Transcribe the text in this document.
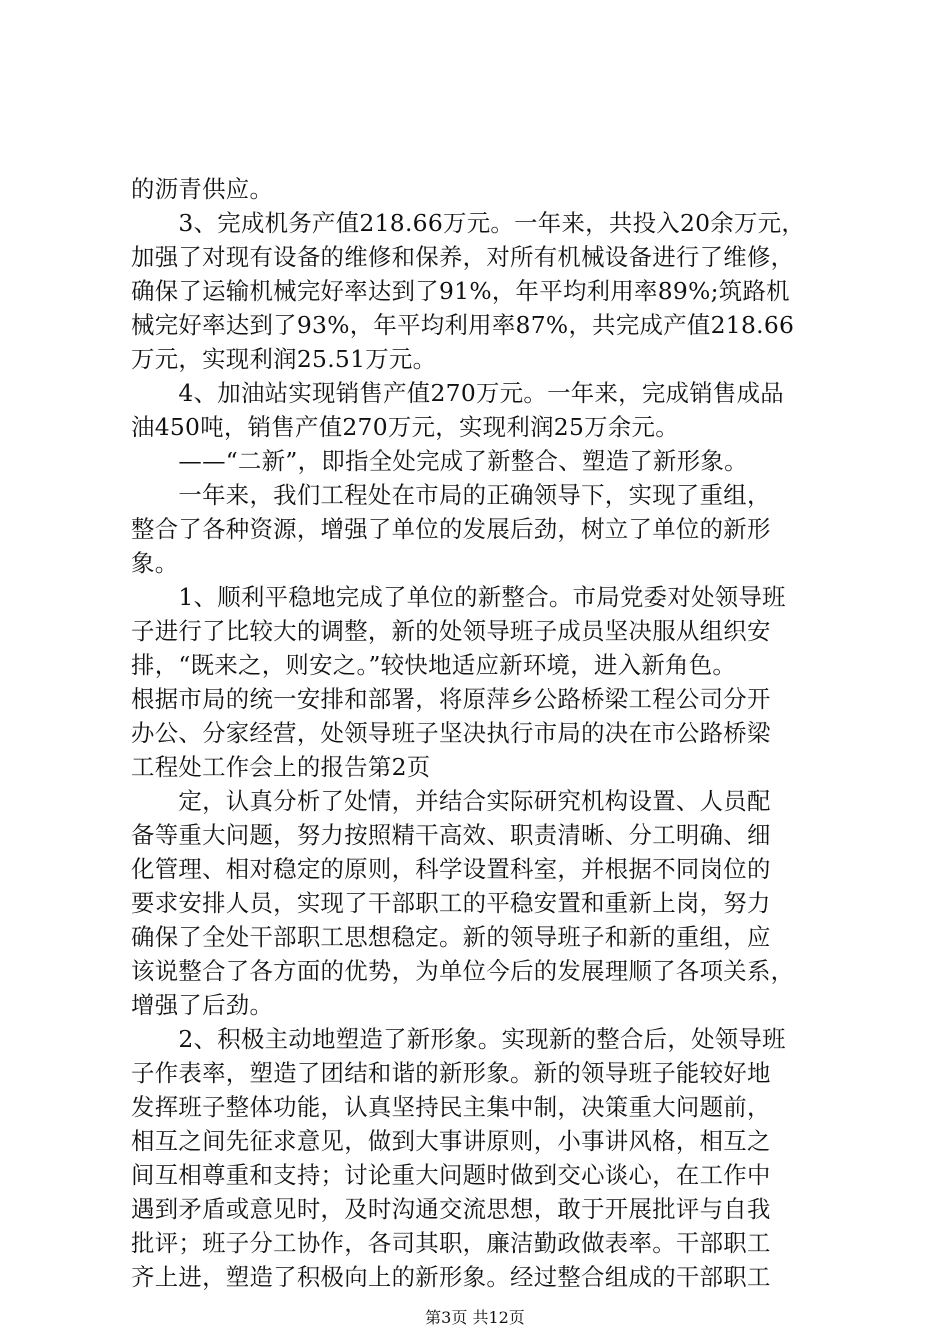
的沥青供应。
　　3、完成机务产值218.66万元。一年来，共投入20余万元，
加强了对现有设备的维修和保养，对所有机械设备进行了维修，
确保了运输机械完好率达到了91%，年平均利用率89%;筑路机
械完好率达到了93%，年平均利用率87%，共完成产值218.66
万元，实现利润25.51万元。
　　4、加油站实现销售产值270万元。一年来，完成销售成品
油450吨，销售产值270万元，实现利润25万余元。
　　——“二新”，即指全处完成了新整合、塑造了新形象。
　　一年来，我们工程处在市局的正确领导下，实现了重组，
整合了各种资源，增强了单位的发展后劲，树立了单位的新形
象。
　　1、顺利平稳地完成了单位的新整合。市局党委对处领导班
子进行了比较大的调整，新的处领导班子成员坚决服从组织安
排，“既来之，则安之。”较快地适应新环境，进入新角色。
根据市局的统一安排和部署，将原萍乡公路桥梁工程公司分开
办公、分家经营，处领导班子坚决执行市局的决在市公路桥梁
工程处工作会上的报告第2页
　　定，认真分析了处情，并结合实际研究机构设置、人员配
备等重大问题，努力按照精干高效、职责清晰、分工明确、细
化管理、相对稳定的原则，科学设置科室，并根据不同岗位的
要求安排人员，实现了干部职工的平稳安置和重新上岗，努力
确保了全处干部职工思想稳定。新的领导班子和新的重组，应
该说整合了各方面的优势，为单位今后的发展理顺了各项关系，
增强了后劲。
　　2、积极主动地塑造了新形象。实现新的整合后，处领导班
子作表率，塑造了团结和谐的新形象。新的领导班子能较好地
发挥班子整体功能，认真坚持民主集中制，决策重大问题前，
相互之间先征求意见，做到大事讲原则，小事讲风格，相互之
间互相尊重和支持；讨论重大问题时做到交心谈心，在工作中
遇到矛盾或意见时，及时沟通交流思想，敢于开展批评与自我
批评；班子分工协作，各司其职，廉洁勤政做表率。干部职工
齐上进，塑造了积极向上的新形象。经过整合组成的干部职工
第3页 共12页
